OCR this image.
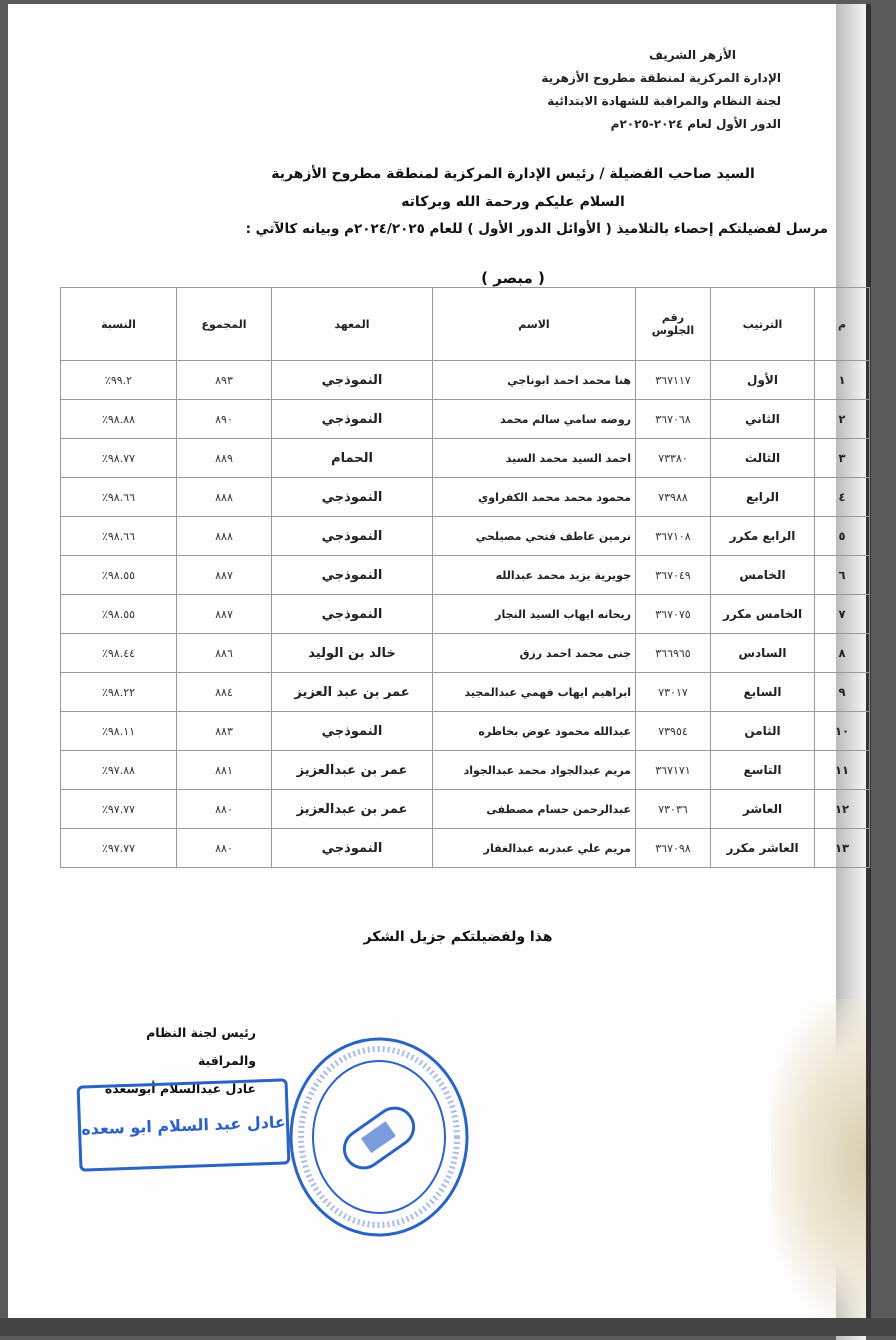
الأزهر الشريف
الإدارة المركزية لمنطقة مطروح الأزهرية
لجنة النظام والمراقبة للشهادة الابتدائية
الدور الأول لعام ٢٠٢٤-٢٠٢٥م
السيد صاحب الفضيلة / رئيس الإدارة المركزية لمنطقة مطروح الأزهرية
السلام عليكم ورحمة الله وبركاته
مرسل لفضيلتكم إحصاء بالتلاميذ ( الأوائل الدور الأول ) للعام ٢٠٢٤/٢٠٢٥م وبيانه كالآتي :
( مبصر )
م	الترتيب	رقم الجلوس	الاسم	المعهد	المجموع	النسبة
١	الأول	٣٦٧١١٧	هنا محمد احمد ابوناجي	النموذجي	٨٩٣	٩٩.٢٪
٢	الثاني	٣٦٧٠٦٨	روضه سامي سالم محمد	النموذجي	٨٩٠	٩٨.٨٨٪
٣	الثالث	٧٣٣٨٠	احمد السيد محمد السيد	الحمام	٨٨٩	٩٨.٧٧٪
٤	الرابع	٧٣٩٨٨	محمود محمد محمد الكفراوي	النموذجي	٨٨٨	٩٨.٦٦٪
٥	الرابع مكرر	٣٦٧١٠٨	نرمين عاطف فتحي مصيلحي	النموذجي	٨٨٨	٩٨.٦٦٪
٦	الخامس	٣٦٧٠٤٩	جويرية يزيد محمد عبدالله	النموذجي	٨٨٧	٩٨.٥٥٪
٧	الخامس مكرر	٣٦٧٠٧٥	ريحانه ايهاب السيد النجار	النموذجي	٨٨٧	٩٨.٥٥٪
٨	السادس	٣٦٦٩٦٥	جنى محمد احمد رزق	خالد بن الوليد	٨٨٦	٩٨.٤٤٪
٩	السابع	٧٣٠١٧	ابراهيم ايهاب فهمي عبدالمجيد	عمر بن عبد العزيز	٨٨٤	٩٨.٢٢٪
١٠	الثامن	٧٣٩٥٤	عبدالله محمود عوض بخاطره	النموذجي	٨٨٣	٩٨.١١٪
١١	التاسع	٣٦٧١٧١	مريم عبدالجواد محمد عبدالجواد	عمر بن عبدالعزيز	٨٨١	٩٧.٨٨٪
١٢	العاشر	٧٣٠٣٦	عبدالرحمن حسام مصطفى	عمر بن عبدالعزيز	٨٨٠	٩٧.٧٧٪
١٣	العاشر مكرر	٣٦٧٠٩٨	مريم علي عبدربه عبدالغفار	النموذجي	٨٨٠	٩٧.٧٧٪
هذا ولفضيلتكم جزيل الشكر
رئيس لجنة النظام والمراقبة
عادل عبدالسلام أبوسعده
عادل عبد السلام ابو سعده
